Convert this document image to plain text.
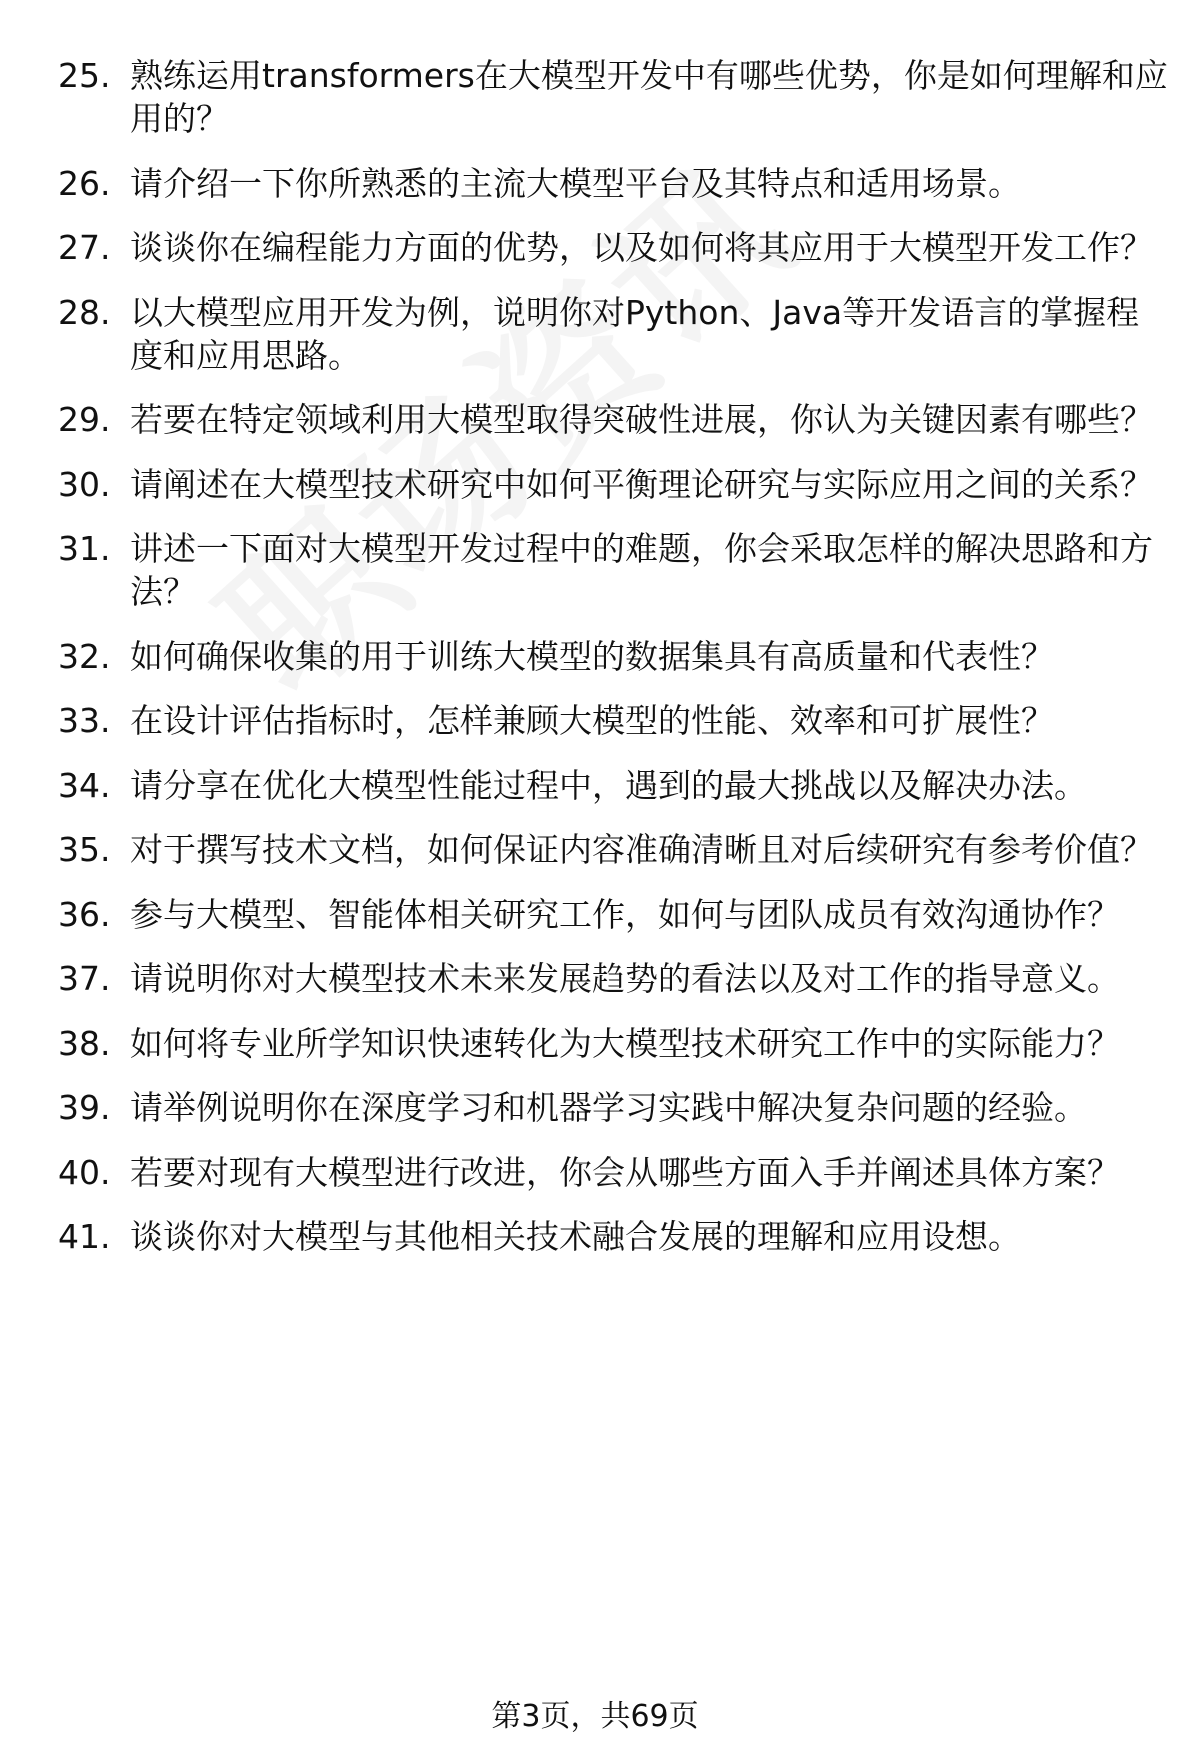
25. 熟练运用transformers在大模型开发中有哪些优势，你是如何理解和应用的？
26. 请介绍一下你所熟悉的主流大模型平台及其特点和适用场景。
27. 谈谈你在编程能力方面的优势，以及如何将其应用于大模型开发工作？
28. 以大模型应用开发为例，说明你对Python、Java等开发语言的掌握程度和应用思路。
29. 若要在特定领域利用大模型取得突破性进展，你认为关键因素有哪些？
30. 请阐述在大模型技术研究中如何平衡理论研究与实际应用之间的关系？
31. 讲述一下面对大模型开发过程中的难题，你会采取怎样的解决思路和方法？
32. 如何确保收集的用于训练大模型的数据集具有高质量和代表性？
33. 在设计评估指标时，怎样兼顾大模型的性能、效率和可扩展性？
34. 请分享在优化大模型性能过程中，遇到的最大挑战以及解决办法。
35. 对于撰写技术文档，如何保证内容准确清晰且对后续研究有参考价值？
36. 参与大模型、智能体相关研究工作，如何与团队成员有效沟通协作？
37. 请说明你对大模型技术未来发展趋势的看法以及对工作的指导意义。
38. 如何将专业所学知识快速转化为大模型技术研究工作中的实际能力？
39. 请举例说明你在深度学习和机器学习实践中解决复杂问题的经验。
40. 若要对现有大模型进行改进，你会从哪些方面入手并阐述具体方案？
41. 谈谈你对大模型与其他相关技术融合发展的理解和应用设想。
第3页，共69页
